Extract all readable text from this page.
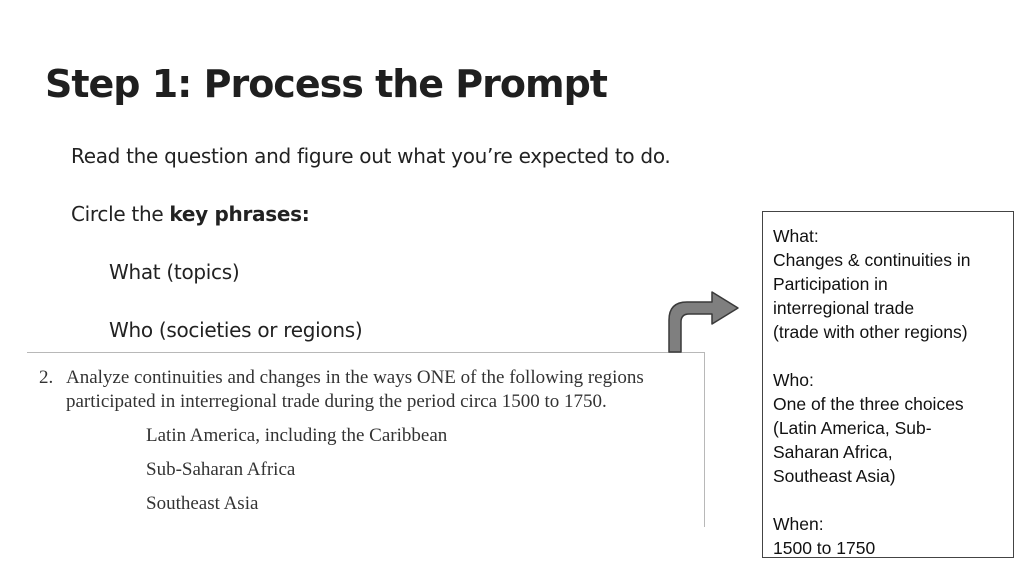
Step 1: Process the Prompt
Read the question and figure out what you’re expected to do.
Circle the key phrases:
What (topics)
Who (societies or regions)
2. Analyze continuities and changes in the ways ONE of the following regions
participated in interregional trade during the period circa 1500 to 1750.
Latin America, including the Caribbean
Sub-Saharan Africa
Southeast Asia
What:
Changes & continuities in
Participation in
interregional trade
(trade with other regions)
Who:
One of the three choices
(Latin America, Sub-
Saharan Africa,
Southeast Asia)
When:
1500 to 1750
